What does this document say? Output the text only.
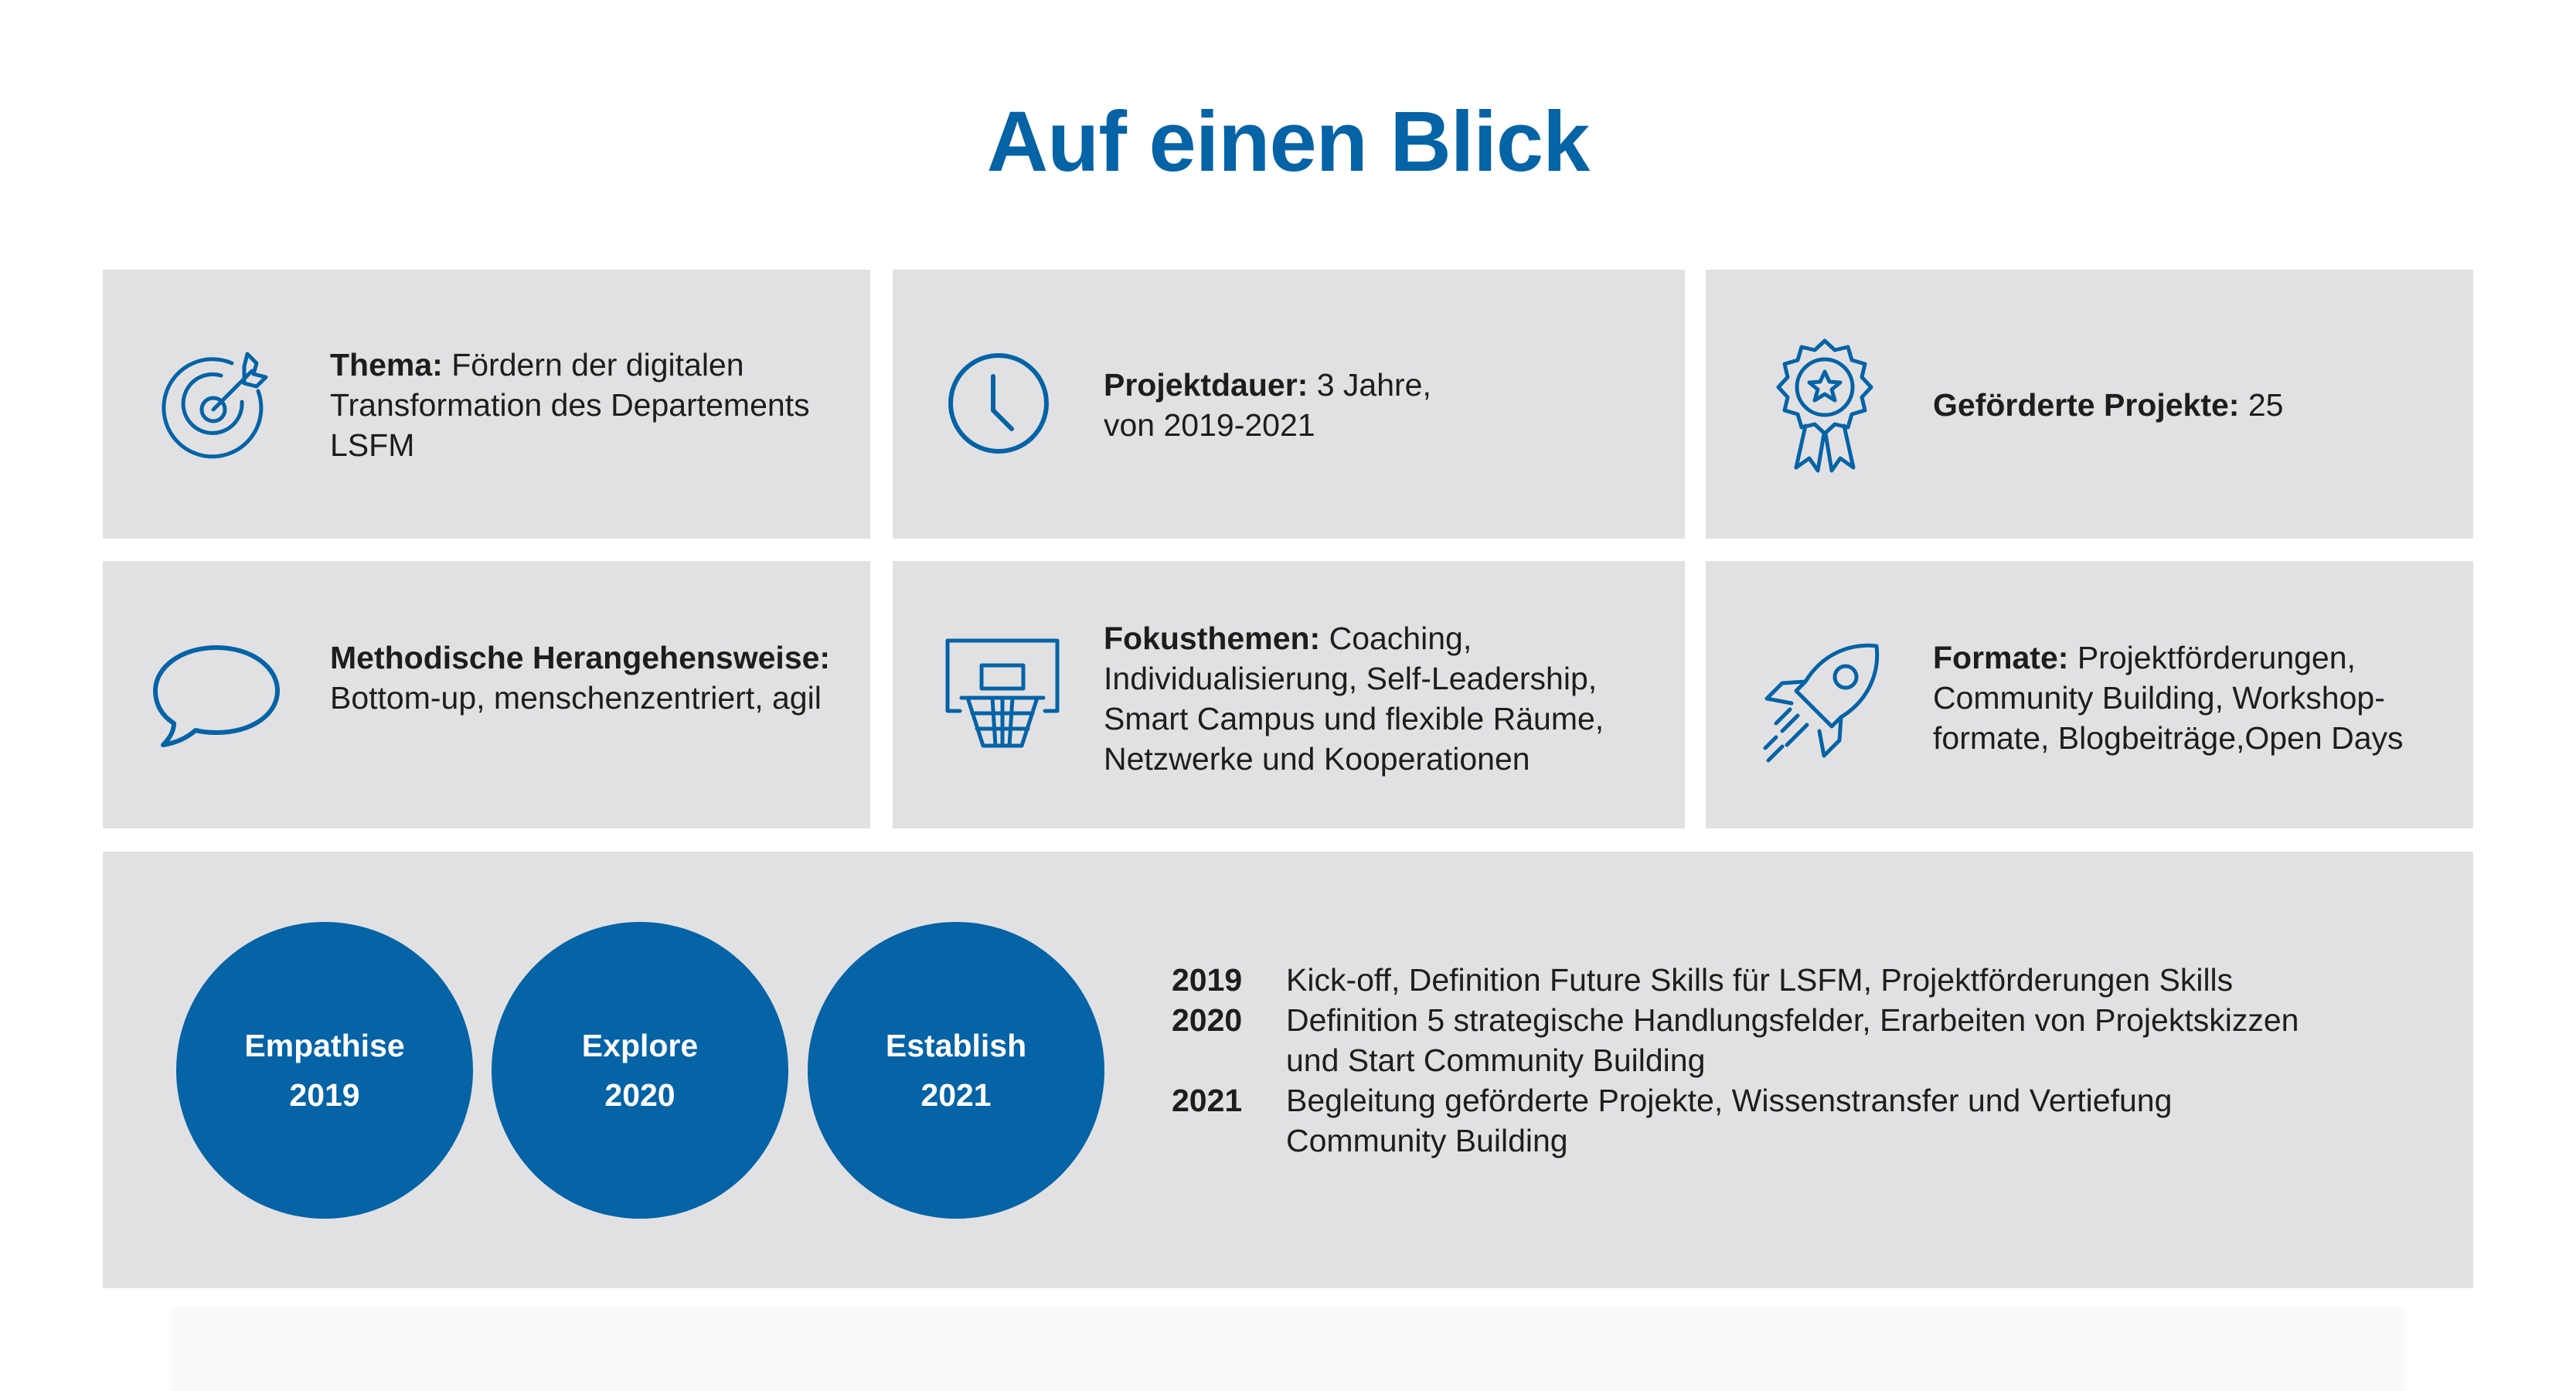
Auf einen Blick
Thema: Fördern der digitalen Transformation des Departements LSFM
Projektdauer: 3 Jahre,
von 2019-2021
Geförderte Projekte: 25
Methodische Herangehensweise: Bottom-up, menschenzentriert, agil
Fokusthemen: Coaching, Individualisierung, Self-Leadership, Smart Campus und flexible Räume, Netzwerke und Kooperationen
Formate: Projektförderungen, Community Building, Workshop-formate, Blogbeiträge,Open Days
Empathise
2019
Explore
2020
Establish
2021
2019	Kick-off, Definition Future Skills für LSFM, Projektförderungen Skills
2020	Definition 5 strategische Handlungsfelder, Erarbeiten von Projektskizzen und Start Community Building
2021	Begleitung geförderte Projekte, Wissenstransfer und Vertiefung Community Building
